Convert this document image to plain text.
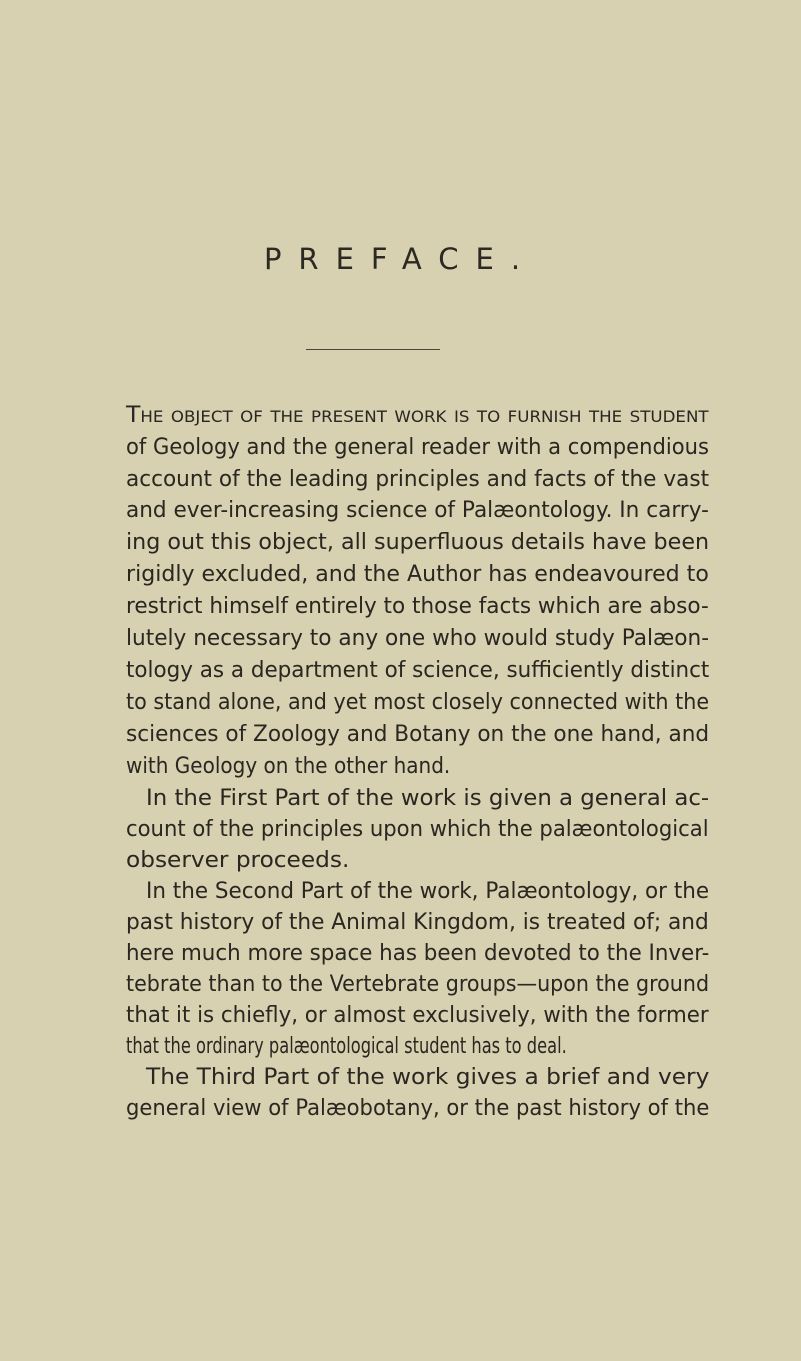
PREFACE.
The object of the present work is to furnish the student
of Geology and the general reader with a compendious
account of the leading principles and facts of the vast
and ever-increasing science of Palæontology. In carry-
ing out this object, all superfluous details have been
rigidly excluded, and the Author has endeavoured to
restrict himself entirely to those facts which are abso-
lutely necessary to any one who would study Palæon-
tology as a department of science, sufficiently distinct
to stand alone, and yet most closely connected with the
sciences of Zoology and Botany on the one hand, and
with Geology on the other hand.
In the First Part of the work is given a general ac-
count of the principles upon which the palæontological
observer proceeds.
In the Second Part of the work, Palæontology, or the
past history of the Animal Kingdom, is treated of; and
here much more space has been devoted to the Inver-
tebrate than to the Vertebrate groups—upon the ground
that it is chiefly, or almost exclusively, with the former
that the ordinary palæontological student has to deal.
The Third Part of the work gives a brief and very
general view of Palæobotany, or the past history of the
